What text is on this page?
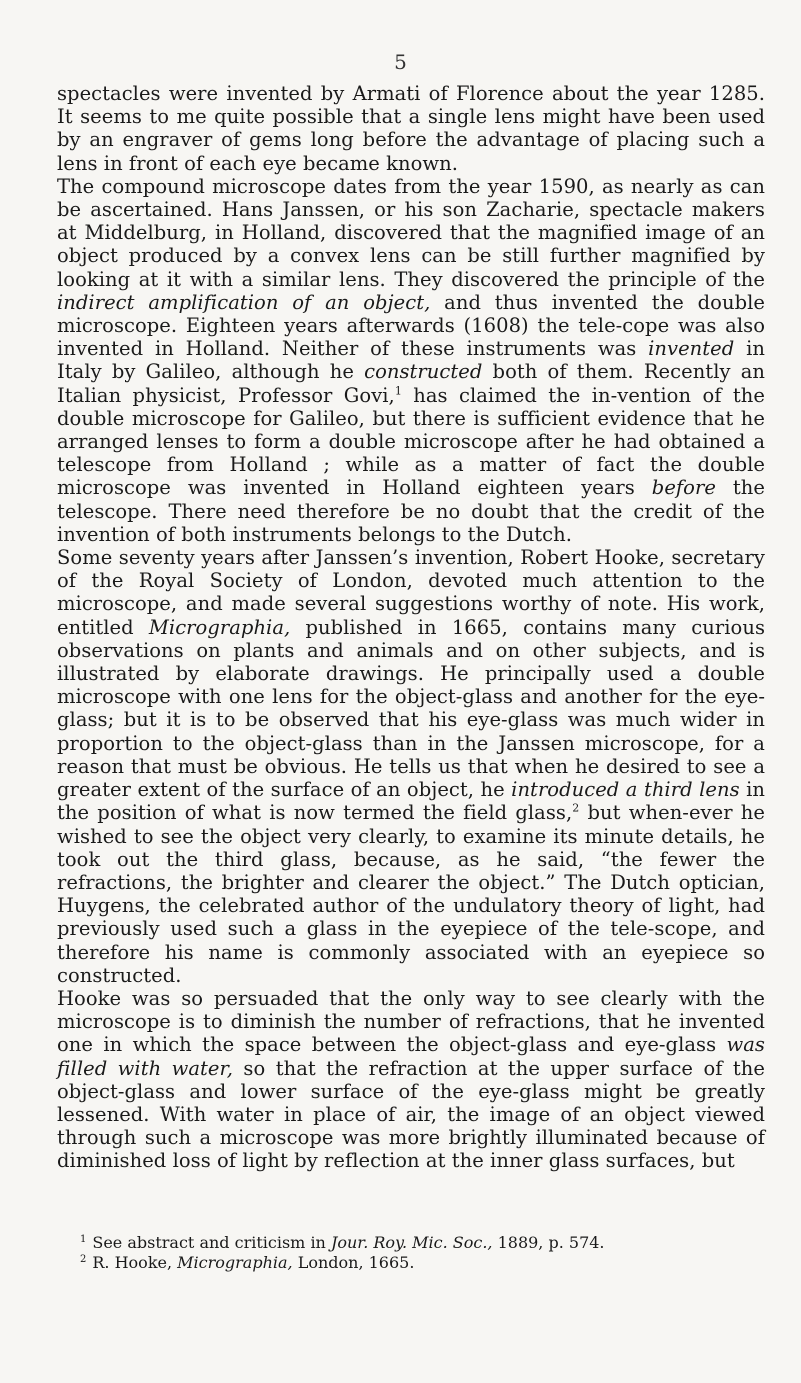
5

spectacles were invented by Armati of Florence about the year 1285. It seems to me quite possible that a single lens might have been used by an engraver of gems long before the advantage of placing such a lens in front of each eye became known.

The compound microscope dates from the year 1590, as nearly as can be ascertained. Hans Janssen, or his son Zacharie, spectacle makers at Middelburg, in Holland, discovered that the magnified image of an object produced by a convex lens can be still further magnified by looking at it with a similar lens. They discovered the principle of the indirect amplification of an object, and thus invented the double microscope. Eighteen years afterwards (1608) the tele-cope was also invented in Holland. Neither of these instruments was invented in Italy by Galileo, although he constructed both of them. Recently an Italian physicist, Professor Govi,$^1$ has claimed the in-vention of the double microscope for Galileo, but there is sufficient evidence that he arranged lenses to form a double microscope after he had obtained a telescope from Holland ; while as a matter of fact the double microscope was invented in Holland eighteen years before the telescope. There need therefore be no doubt that the credit of the invention of both instruments belongs to the Dutch.

Some seventy years after Janssen’s invention, Robert Hooke, secretary of the Royal Society of London, devoted much attention to the microscope, and made several suggestions worthy of note. His work, entitled Micrographia, published in 1665, contains many curious observations on plants and animals and on other subjects, and is illustrated by elaborate drawings. He principally used a double microscope with one lens for the object-glass and another for the eye-glass; but it is to be observed that his eye-glass was much wider in proportion to the object-glass than in the Janssen microscope, for a reason that must be obvious. He tells us that when he desired to see a greater extent of the surface of an object, he introduced a third lens in the position of what is now termed the field glass,$^2$ but when-ever he wished to see the object very clearly, to examine its minute details, he took out the third glass, because, as he said, “the fewer the refractions, the brighter and clearer the object.” The Dutch optician, Huygens, the celebrated author of the undulatory theory of light, had previously used such a glass in the eyepiece of the tele-scope, and therefore his name is commonly associated with an eyepiece so constructed.

Hooke was so persuaded that the only way to see clearly with the microscope is to diminish the number of refractions, that he invented one in which the space between the object-glass and eye-glass was filled with water, so that the refraction at the upper surface of the object-glass and lower surface of the eye-glass might be greatly lessened. With water in place of air, the image of an object viewed through such a microscope was more brightly illuminated because of diminished loss of light by reflection at the inner glass surfaces, but

$^1$ See abstract and criticism in Jour. Roy. Mic. Soc., 1889, p. 574.

$^2$ R. Hooke, Micrographia, London, 1665.
